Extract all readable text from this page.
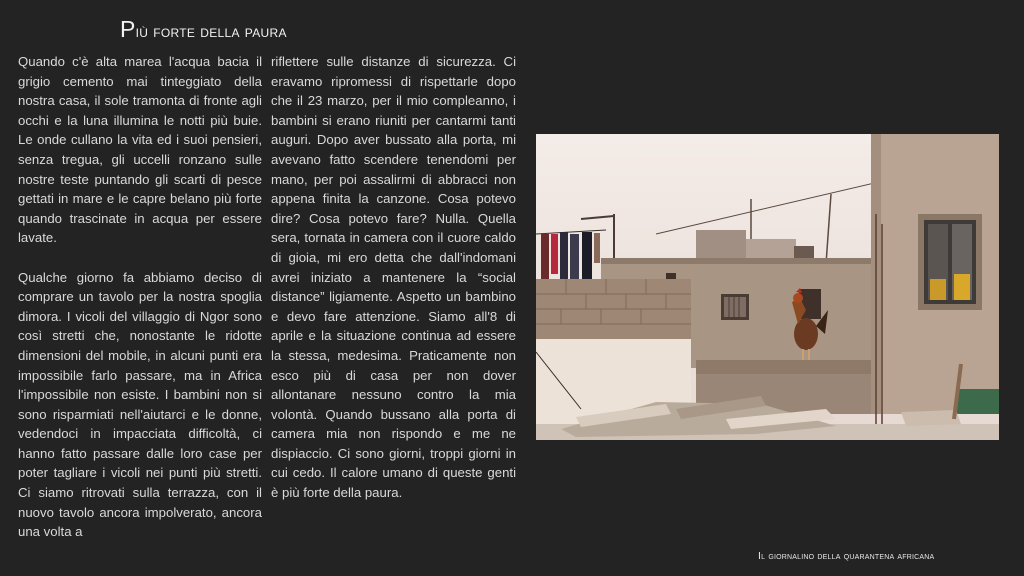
Più forte della paura

Quando c'è alta marea l'acqua bacia il grigio cemento mai tinteggiato della nostra casa, il sole tramonta di fronte agli occhi e la luna illumina le notti più buie. Le onde cullano la vita ed i suoi pensieri, senza tregua, gli uccelli ronzano sulle nostre teste puntando gli scarti di pesce gettati in mare e le capre belano più forte quando trascinate in acqua per essere lavate.

Qualche giorno fa abbiamo deciso di comprare un tavolo per la nostra spoglia dimora. I vicoli del villaggio di Ngor sono così stretti che, nonostante le ridotte dimensioni del mobile, in alcuni punti era impossibile farlo passare, ma in Africa l'impossibile non esiste. I bambini non si sono risparmiati nell'aiutarci e le donne, vedendoci in impacciata difficoltà, ci hanno fatto passare dalle loro case per poter tagliare i vicoli nei punti più stretti. Ci siamo ritrovati sulla terrazza, con il nuovo tavolo ancora impolverato, ancora una volta a

riflettere sulle distanze di sicurezza. Ci eravamo ripromessi di rispettarle dopo che il 23 marzo, per il mio compleanno, i bambini si erano riuniti per cantarmi tanti auguri. Dopo aver bussato alla porta, mi avevano fatto scendere tenendomi per mano, per poi assalirmi di abbracci non appena finita la canzone. Cosa potevo dire? Cosa potevo fare? Nulla. Quella sera, tornata in camera con il cuore caldo di gioia, mi ero detta che dall'indomani avrei iniziato a mantenere la “social distance” ligiamente. Aspetto un bambino e devo fare attenzione. Siamo all'8 di aprile e la situazione continua ad essere la stessa, medesima. Praticamente non esco più di casa per non dover allontanare nessuno contro la mia volontà. Quando bussano alla porta di camera mia non rispondo e me ne dispiaccio. Ci sono giorni, troppi giorni in cui cedo. Il calore umano di queste genti è più forte della paura.

Il giornalino della quarantena africana
